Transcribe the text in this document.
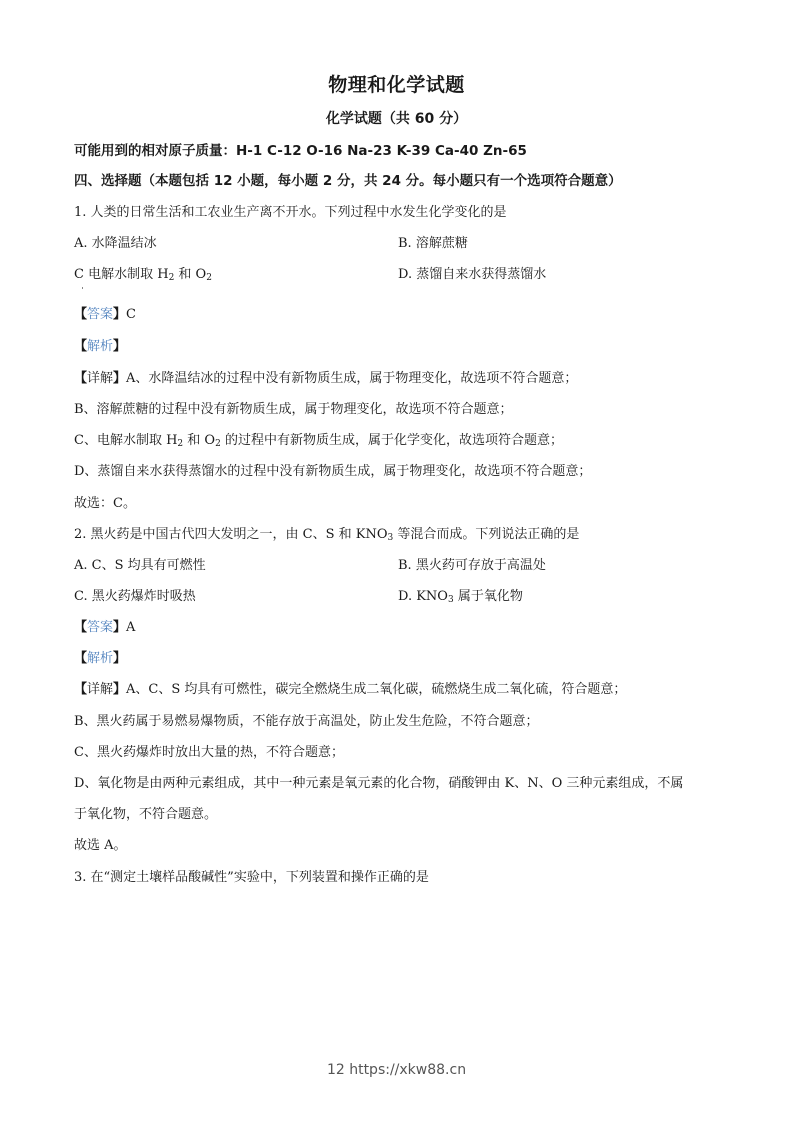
物理和化学试题
化学试题（共 60 分）
可能用到的相对原子质量：H-1 C-12 O-16 Na-23 K-39 Ca-40 Zn-65
四、选择题（本题包括 12 小题，每小题 2 分，共 24 分。每小题只有一个选项符合题意）
1. 人类的日常生活和工农业生产离不开水。下列过程中水发生化学变化的是
A. 水降温结冰	B. 溶解蔗糖
C 电解水制取 $H_2$ 和 $O_2$	D. 蒸馏自来水获得蒸馏水
【答案】C
【解析】
【详解】A、水降温结冰的过程中没有新物质生成，属于物理变化，故选项不符合题意；
B、溶解蔗糖的过程中没有新物质生成，属于物理变化，故选项不符合题意；
C、电解水制取 $H_2$ 和 $O_2$ 的过程中有新物质生成，属于化学变化，故选项符合题意；
D、蒸馏自来水获得蒸馏水的过程中没有新物质生成，属于物理变化，故选项不符合题意；
故选：C。
2. 黑火药是中国古代四大发明之一，由 C、S 和 $KNO_3$ 等混合而成。下列说法正确的是
A. C、S 均具有可燃性	B. 黑火药可存放于高温处
C. 黑火药爆炸时吸热	D. $KNO_3$ 属于氧化物
【答案】A
【解析】
【详解】A、C、S 均具有可燃性，碳完全燃烧生成二氧化碳，硫燃烧生成二氧化硫，符合题意；
B、黑火药属于易燃易爆物质，不能存放于高温处，防止发生危险，不符合题意；
C、黑火药爆炸时放出大量的热，不符合题意；
D、氧化物是由两种元素组成，其中一种元素是氧元素的化合物，硝酸钾由 K、N、O 三种元素组成，不属
于氧化物，不符合题意。
故选 A。
3. 在“测定土壤样品酸碱性”实验中，下列装置和操作正确的是
12 https://xkw88.cn
